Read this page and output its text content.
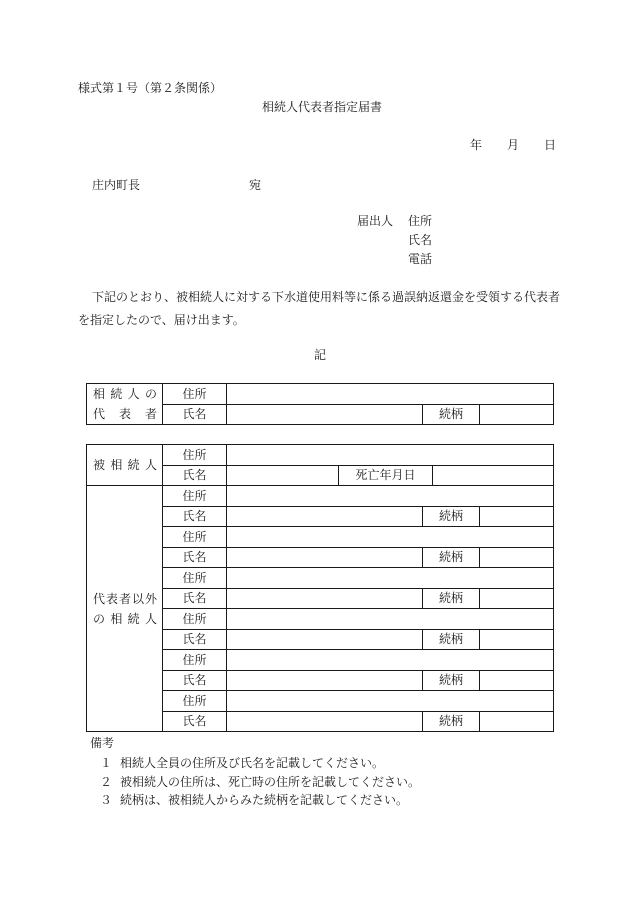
様式第１号（第２条関係）
相続人代表者指定届書
年 月 日
庄内町長	宛
届出人 住所
氏名
電話
下記のとおり、被相続人に対する下水道使用料等に係る過誤納返還金を受領する代表者
を指定したので、届け出ます。
記
相続人の
代表者	住所			
	氏名		続柄	
被相続人	住所					
	氏名		死亡年月日			

代表者以外
の相続人	住所					
	氏名			続柄		
	住所					
	氏名			続柄		
	住所					
	氏名			続柄		
	住所					
	氏名			続柄		
	住所					
	氏名			続柄		
	住所					
	氏名			続柄		
備考
１ 相続人全員の住所及び氏名を記載してください。
２ 被相続人の住所は、死亡時の住所を記載してください。
３ 続柄は、被相続人からみた続柄を記載してください。
